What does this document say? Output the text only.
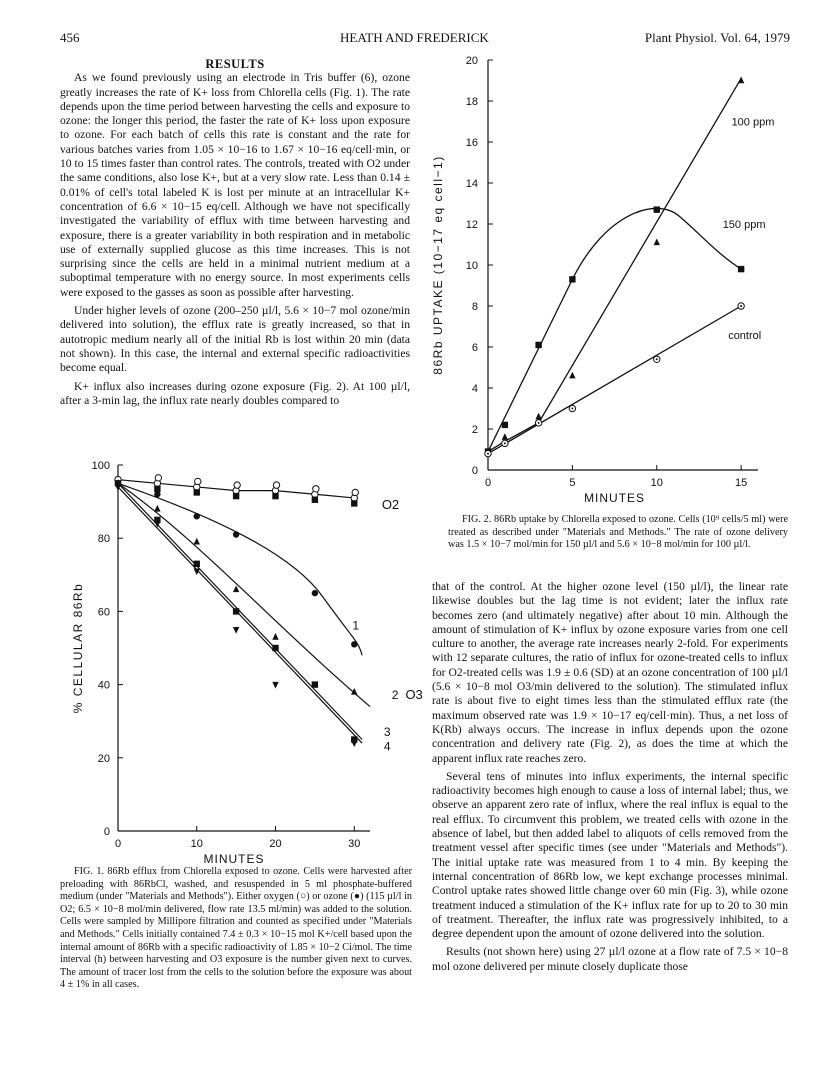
456	HEATH AND FREDERICK	Plant Physiol. Vol. 64, 1979

RESULTS

As we found previously using an electrode in Tris buffer (6), ozone greatly increases the rate of K+ loss from Chlorella cells (Fig. 1). The rate depends upon the time period between harvesting the cells and exposure to ozone: the longer this period, the faster the rate of K+ loss upon exposure to ozone. For each batch of cells this rate is constant and the rate for various batches varies from 1.05 × 10−16 to 1.67 × 10−16 eq/cell·min, or 10 to 15 times faster than control rates. The controls, treated with O2 under the same conditions, also lose K+, but at a very slow rate. Less than 0.14 ± 0.01% of cell's total labeled K is lost per minute at an intracellular K+ concentration of 6.6 × 10−15 eq/cell. Although we have not specifically investigated the variability of efflux with time between harvesting and exposure, there is a greater variability in both respiration and in metabolic use of externally supplied glucose as this time increases. This is not surprising since the cells are held in a minimal nutrient medium at a suboptimal temperature with no energy source. In most experiments cells were exposed to the gasses as soon as possible after harvesting.

Under higher levels of ozone (200–250 µl/l, 5.6 × 10−7 mol ozone/min delivered into solution), the efflux rate is greatly increased, so that in autotropic medium nearly all of the initial Rb is lost within 20 min (data not shown). In this case, the internal and external specific radioactivities become equal.

K+ influx also increases during ozone exposure (Fig. 2). At 100 µl/l, after a 3-min lag, the influx rate nearly doubles compared to

0
20
40
60
80
100
0	10	20	30
MINUTES
% CELLULAR 86Rb	1
2
3
4
O2
O3

FIG. 1. 86Rb efflux from Chlorella exposed to ozone. Cells were harvested after preloading with 86RbCl, washed, and resuspended in 5 ml phosphate-buffered medium (under "Materials and Methods"). Either oxygen (○) or ozone (●) (115 µl/l in O2; 6.5 × 10−8 mol/min delivered, flow rate 13.5 ml/min) was added to the solution. Cells were sampled by Millipore filtration and counted as specified under "Materials and Methods." Cells initially contained 7.4 ± 0.3 × 10−15 mol K+/cell based upon the internal amount of 86Rb with a specific radioactivity of 1.85 × 10−2 Ci/mol. The time interval (h) between harvesting and O3 exposure is the number given next to curves. The amount of tracer lost from the cells to the solution before the exposure was about 4 ± 1% in all cases.

0
2
4
6
8
10
12
14
16
18
20
0	5	10	15
MINUTES
86Rb UPTAKE (10−17 eq cell−1)
100 ppm
150 ppm
control

FIG. 2. 86Rb uptake by Chlorella exposed to ozone. Cells (10⁹ cells/5 ml) were treated as described under "Materials and Methods." The rate of ozone delivery was 1.5 × 10−7 mol/min for 150 µl/l and 5.6 × 10−8 mol/min for 100 µl/l.

that of the control. At the higher ozone level (150 µl/l), the linear rate likewise doubles but the lag time is not evident; later the influx rate becomes zero (and ultimately negative) after about 10 min. Although the amount of stimulation of K+ influx by ozone exposure varies from one cell culture to another, the average rate increases nearly 2-fold. For experiments with 12 separate cultures, the ratio of influx for ozone-treated cells to influx for O2-treated cells was 1.9 ± 0.6 (SD) at an ozone concentration of 100 µl/l (5.6 × 10−8 mol O3/min delivered to the solution). The stimulated influx rate is about five to eight times less than the stimulated efflux rate (the maximum observed rate was 1.9 × 10−17 eq/cell·min). Thus, a net loss of K(Rb) always occurs. The increase in influx depends upon the ozone concentration and delivery rate (Fig. 2), as does the time at which the apparent influx rate reaches zero.

Several tens of minutes into influx experiments, the internal specific radioactivity becomes high enough to cause a loss of internal label; thus, we observe an apparent zero rate of influx, where the real influx is equal to the real efflux. To circumvent this problem, we treated cells with ozone in the absence of label, but then added label to aliquots of cells removed from the treatment vessel after specific times (see under "Materials and Methods"). The initial uptake rate was measured from 1 to 4 min. By keeping the internal concentration of 86Rb low, we kept exchange processes minimal. Control uptake rates showed little change over 60 min (Fig. 3), while ozone treatment induced a stimulation of the K+ influx rate for up to 20 to 30 min of treatment. Thereafter, the influx rate was progressively inhibited, to a degree dependent upon the amount of ozone delivered into the solution.

Results (not shown here) using 27 µl/l ozone at a flow rate of 7.5 × 10−8 mol ozone delivered per minute closely duplicate those
